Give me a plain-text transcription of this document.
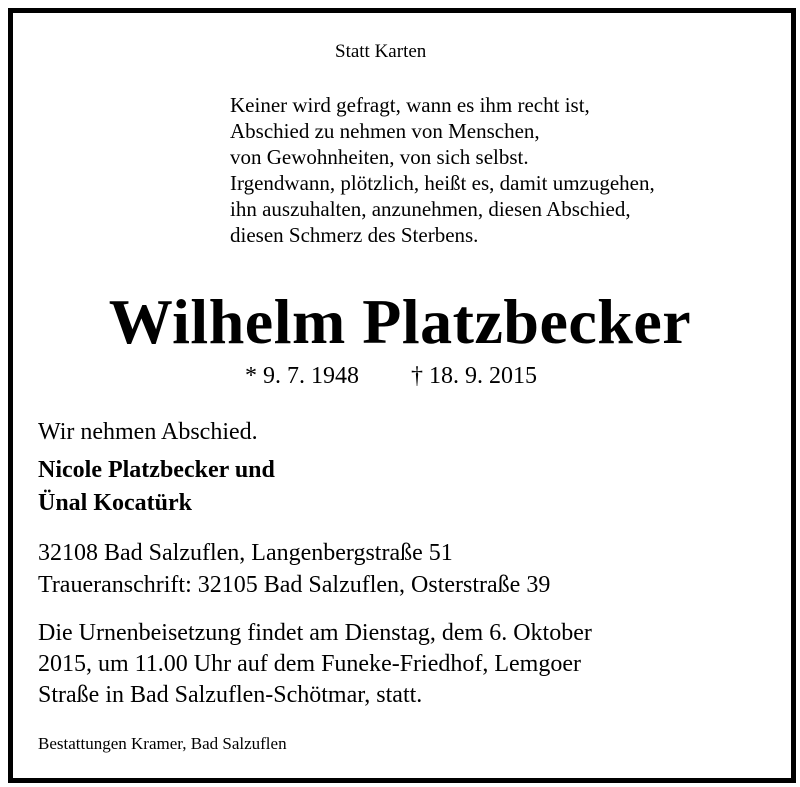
Statt Karten
Keiner wird gefragt, wann es ihm recht ist,
Abschied zu nehmen von Menschen,
von Gewohnheiten, von sich selbst.
Irgendwann, plötzlich, heißt es, damit umzugehen,
ihn auszuhalten, anzunehmen, diesen Abschied,
diesen Schmerz des Sterbens.
Wilhelm Platzbecker
* 9. 7. 1948 † 18. 9. 2015
Wir nehmen Abschied.
Nicole Platzbecker und
Ünal Kocatürk
32108 Bad Salzuflen, Langenbergstraße 51
Traueranschrift: 32105 Bad Salzuflen, Osterstraße 39
Die Urnenbeisetzung findet am Dienstag, dem 6. Oktober
2015, um 11.00 Uhr auf dem Funeke-Friedhof, Lemgoer
Straße in Bad Salzuflen-Schötmar, statt.
Bestattungen Kramer, Bad Salzuflen
